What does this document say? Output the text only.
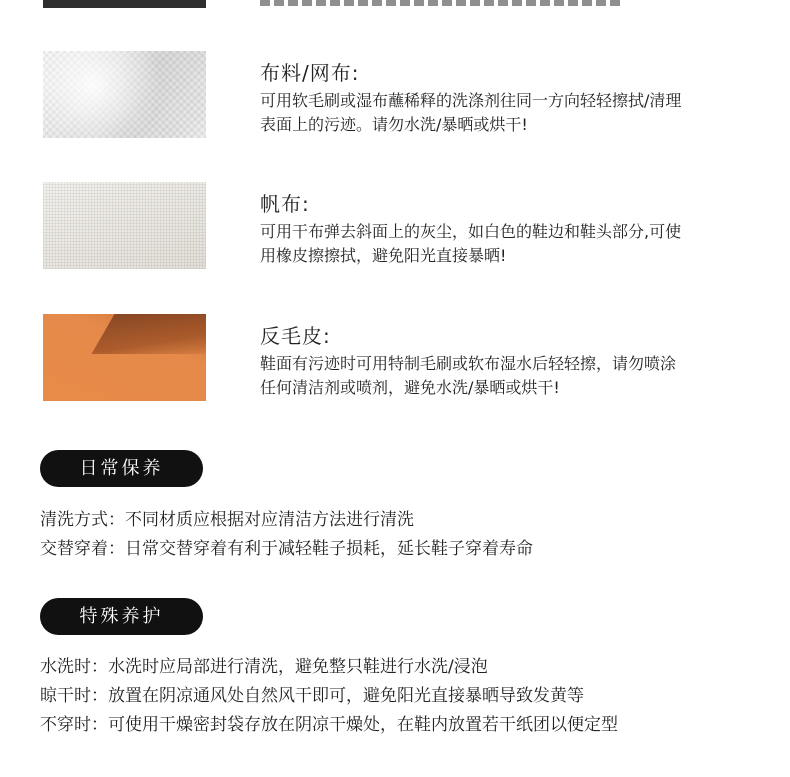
布料/网布:
可用软毛刷或湿布蘸稀释的洗涤剂往同一方向轻轻擦拭/清理
表面上的污迹。请勿水洗/暴晒或烘干!
帆布:
可用干布弹去斜面上的灰尘，如白色的鞋边和鞋头部分,可使
用橡皮擦擦拭，避免阳光直接暴晒!
反毛皮:
鞋面有污迹时可用特制毛刷或软布湿水后轻轻擦，请勿喷涂
任何清洁剂或喷剂，避免水洗/暴晒或烘干!
日常保养
清洗方式：不同材质应根据对应清洁方法进行清洗
交替穿着：日常交替穿着有利于减轻鞋子损耗，延长鞋子穿着寿命
特殊养护
水洗时：水洗时应局部进行清洗，避免整只鞋进行水洗/浸泡
晾干时：放置在阴凉通风处自然风干即可，避免阳光直接暴晒导致发黄等
不穿时：可使用干燥密封袋存放在阴凉干燥处，在鞋内放置若干纸团以便定型
